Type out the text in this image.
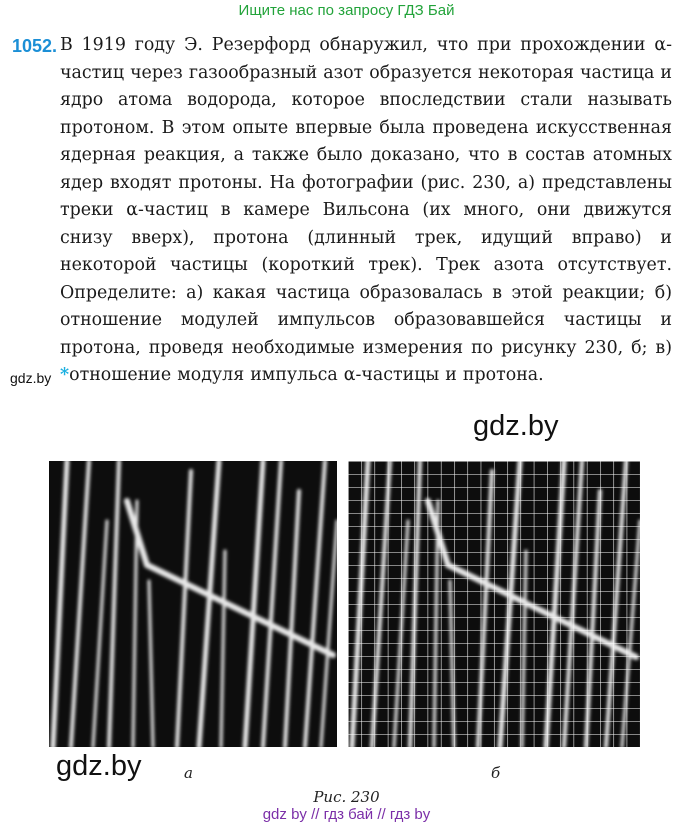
Ищите нас по запросу ГДЗ Бай
1052. В 1919 году Э. Резерфорд обнаружил, что при прохождении α-частиц через газообразный азот образуется некоторая частица и ядро атома водорода, которое впоследствии стали называть протоном. В этом опыте впервые была проведена искусственная ядерная реакция, а также было доказано, что в состав атомных ядер входят протоны. На фотографии (рис. 230, а) представлены треки α-частиц в камере Вильсона (их много, они движутся снизу вверх), протона (длинный трек, идущий вправо) и некоторой частицы (короткий трек). Трек азота отсутствует. Определите: а) какая частица образовалась в этой реакции; б) отношение модулей импульсов образовавшейся частицы и протона, проведя необходимые измерения по рисунку 230, б; в) *отношение модуля импульса α-частицы и протона.
gdz.by
gdz.by
gdz.by	а	б
Рис. 230
gdz by // гдз бай // гдз by
